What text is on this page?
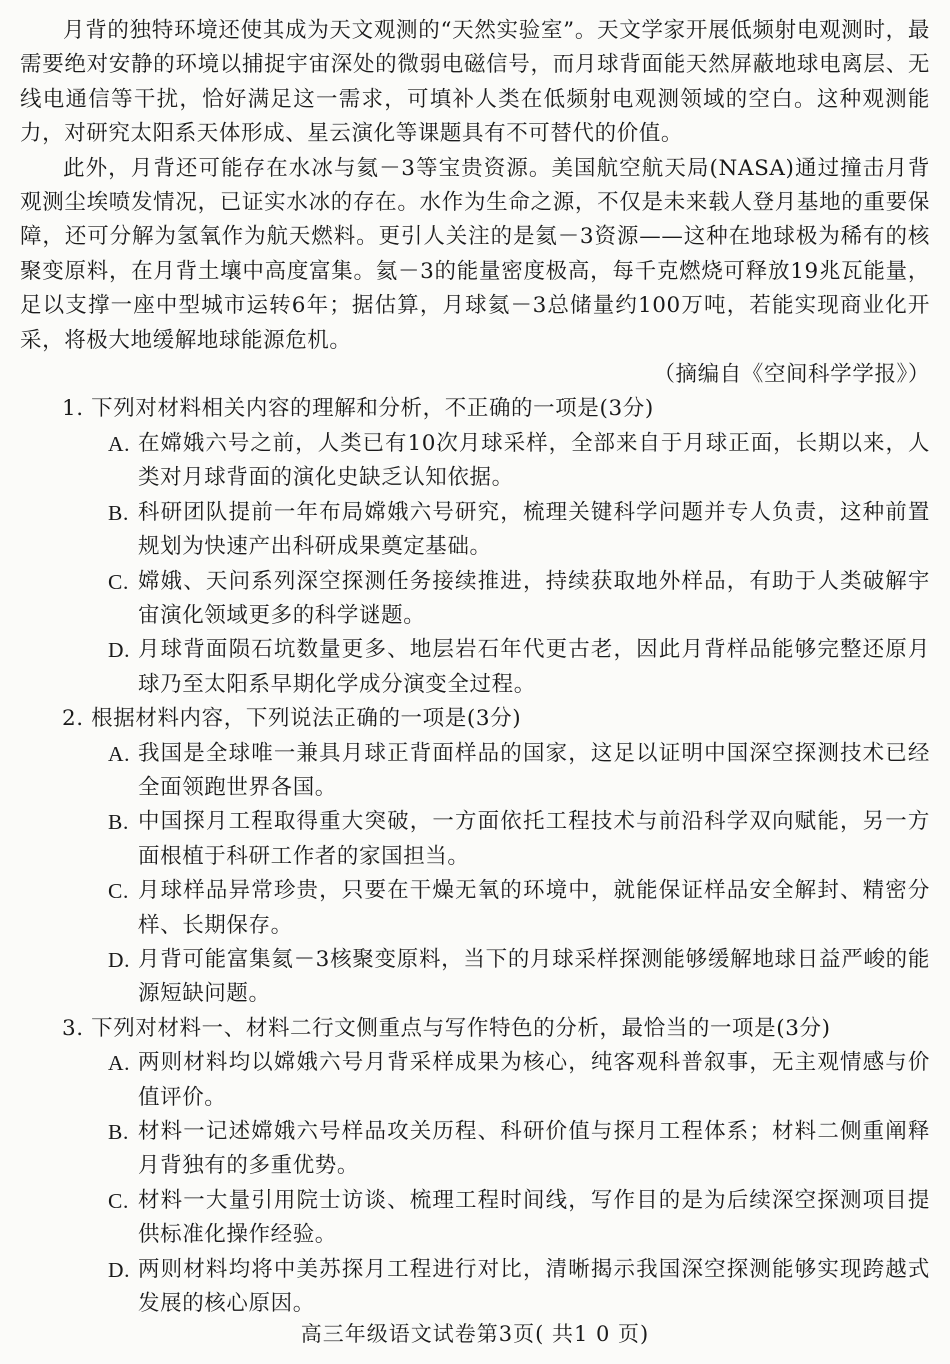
月背的独特环境还使其成为天文观测的“天然实验室”。天文学家开展低频射电观测时，最需要绝对安静的环境以捕捉宇宙深处的微弱电磁信号，而月球背面能天然屏蔽地球电离层、无线电通信等干扰，恰好满足这一需求，可填补人类在低频射电观测领域的空白。这种观测能力，对研究太阳系天体形成、星云演化等课题具有不可替代的价值。

此外，月背还可能存在水冰与氦－3等宝贵资源。美国航空航天局(NASA)通过撞击月背观测尘埃喷发情况，已证实水冰的存在。水作为生命之源，不仅是未来载人登月基地的重要保障，还可分解为氢氧作为航天燃料。更引人关注的是氦－3资源——这种在地球极为稀有的核聚变原料，在月背土壤中高度富集。氦－3的能量密度极高，每千克燃烧可释放19兆瓦能量，足以支撑一座中型城市运转6年；据估算，月球氦－3总储量约100万吨，若能实现商业化开采，将极大地缓解地球能源危机。

（摘编自《空间科学学报》）

1. 下列对材料相关内容的理解和分析，不正确的一项是(3分)

A. 在嫦娥六号之前，人类已有10次月球采样，全部来自于月球正面，长期以来，人类对月球背面的演化史缺乏认知依据。
B. 科研团队提前一年布局嫦娥六号研究，梳理关键科学问题并专人负责，这种前置规划为快速产出科研成果奠定基础。
C. 嫦娥、天问系列深空探测任务接续推进，持续获取地外样品，有助于人类破解宇宙演化领域更多的科学谜题。
D. 月球背面陨石坑数量更多、地层岩石年代更古老，因此月背样品能够完整还原月球乃至太阳系早期化学成分演变全过程。

2. 根据材料内容，下列说法正确的一项是(3分)

A. 我国是全球唯一兼具月球正背面样品的国家，这足以证明中国深空探测技术已经全面领跑世界各国。
B. 中国探月工程取得重大突破，一方面依托工程技术与前沿科学双向赋能，另一方面根植于科研工作者的家国担当。
C. 月球样品异常珍贵，只要在干燥无氧的环境中，就能保证样品安全解封、精密分样、长期保存。
D. 月背可能富集氦－3核聚变原料，当下的月球采样探测能够缓解地球日益严峻的能源短缺问题。

3. 下列对材料一、材料二行文侧重点与写作特色的分析，最恰当的一项是(3分)

A. 两则材料均以嫦娥六号月背采样成果为核心，纯客观科普叙事，无主观情感与价值评价。
B. 材料一记述嫦娥六号样品攻关历程、科研价值与探月工程体系；材料二侧重阐释月背独有的多重优势。
C. 材料一大量引用院士访谈、梳理工程时间线，写作目的是为后续深空探测项目提供标准化操作经验。
D. 两则材料均将中美苏探月工程进行对比，清晰揭示我国深空探测能够实现跨越式发展的核心原因。
高三年级语文试卷第3页( 共1 0 页)
